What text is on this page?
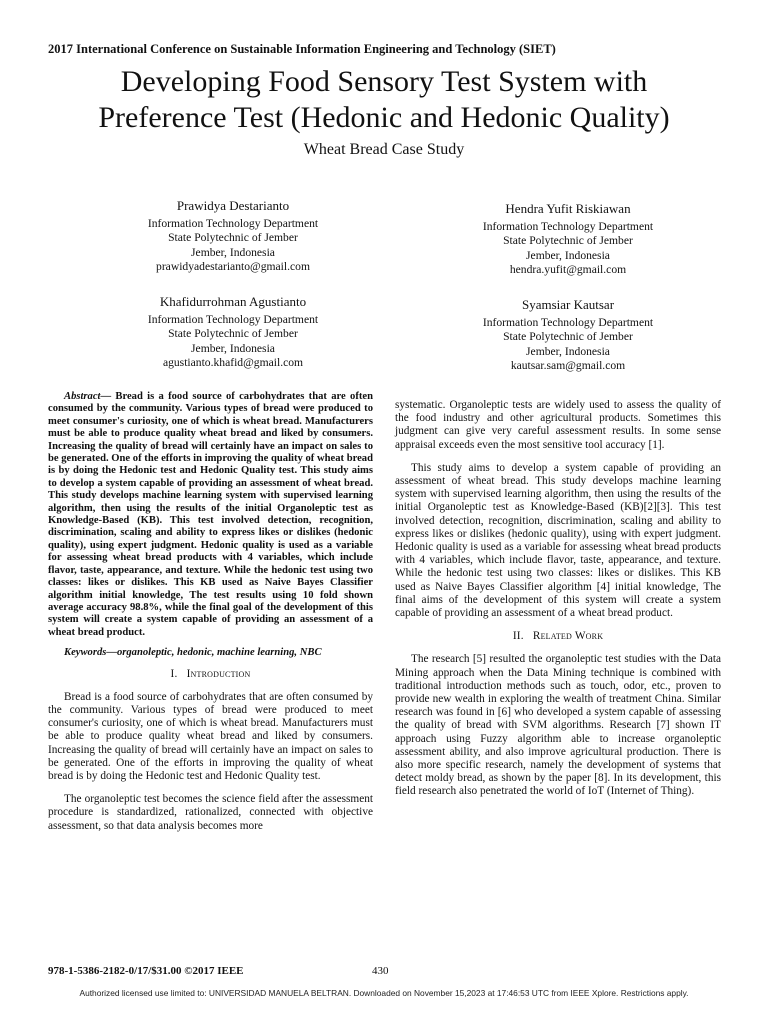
2017 International Conference on Sustainable Information Engineering and Technology (SIET)
Developing Food Sensory Test System with
Preference Test (Hedonic and Hedonic Quality)
Wheat Bread Case Study
Prawidya Destarianto
Information Technology Department
State Polytechnic of Jember
Jember, Indonesia
prawidyadestarianto@gmail.com
Hendra Yufit Riskiawan
Information Technology Department
State Polytechnic of Jember
Jember, Indonesia
hendra.yufit@gmail.com
Khafidurrohman Agustianto
Information Technology Department
State Polytechnic of Jember
Jember, Indonesia
agustianto.khafid@gmail.com
Syamsiar Kautsar
Information Technology Department
State Polytechnic of Jember
Jember, Indonesia
kautsar.sam@gmail.com

Abstract— Bread is a food source of carbohydrates that are often consumed by the community. Various types of bread were produced to meet consumer's curiosity, one of which is wheat bread. Manufacturers must be able to produce quality wheat bread and liked by consumers. Increasing the quality of bread will certainly have an impact on sales to be generated. One of the efforts in improving the quality of wheat bread is by doing the Hedonic test and Hedonic Quality test. This study aims to develop a system capable of providing an assessment of wheat bread. This study develops machine learning system with supervised learning algorithm, then using the results of the initial Organoleptic test as Knowledge-Based (KB). This test involved detection, recognition, discrimination, scaling and ability to express likes or dislikes (hedonic quality), using expert judgment. Hedonic quality is used as a variable for assessing wheat bread products with 4 variables, which include flavor, taste, appearance, and texture. While the hedonic test using two classes: likes or dislikes. This KB used as Naive Bayes Classifier algorithm initial knowledge, The test results using 10 fold shown average accuracy 98.8%, while the final goal of the development of this system will create a system capable of providing an assessment of a wheat bread product.

Keywords—organoleptic, hedonic, machine learning, NBC

I. Introduction

Bread is a food source of carbohydrates that are often consumed by the community. Various types of bread were produced to meet consumer's curiosity, one of which is wheat bread. Manufacturers must be able to produce quality wheat bread and liked by consumers. Increasing the quality of bread will certainly have an impact on sales to be generated. One of the efforts in improving the quality of wheat bread is by doing the Hedonic test and Hedonic Quality test.

The organoleptic test becomes the science field after the assessment procedure is standardized, rationalized, connected with objective assessment, so that data analysis becomes more

systematic. Organoleptic tests are widely used to assess the quality of the food industry and other agricultural products. Sometimes this judgment can give very careful assessment results. In some sense appraisal exceeds even the most sensitive tool accuracy [1].

This study aims to develop a system capable of providing an assessment of wheat bread. This study develops machine learning system with supervised learning algorithm, then using the results of the initial Organoleptic test as Knowledge-Based (KB)[2][3]. This test involved detection, recognition, discrimination, scaling and ability to express likes or dislikes (hedonic quality), using with expert judgment. Hedonic quality is used as a variable for assessing wheat bread products with 4 variables, which include flavor, taste, appearance, and texture. While the hedonic test using two classes: likes or dislikes. This KB used as Naive Bayes Classifier algorithm [4] initial knowledge, The final aims of the development of this system will create a system capable of providing an assessment of a wheat bread product.

II. Related Work

The research [5] resulted the organoleptic test studies with the Data Mining approach when the Data Mining technique is combined with traditional introduction methods such as touch, odor, etc., proven to provide new wealth in exploring the wealth of treatment China. Similar research was found in [6] who developed a system capable of assessing the quality of bread with SVM algorithms. Research [7] shown IT approach using Fuzzy algorithm able to increase organoleptic assessment ability, and also improve agricultural production. There is also more specific research, namely the development of systems that detect moldy bread, as shown by the paper [8]. In its development, this field research also penetrated the world of IoT (Internet of Thing).

978-1-5386-2182-0/17/$31.00 ©2017 IEEE	430
Authorized licensed use limited to: UNIVERSIDAD MANUELA BELTRAN. Downloaded on November 15,2023 at 17:46:53 UTC from IEEE Xplore. Restrictions apply.
